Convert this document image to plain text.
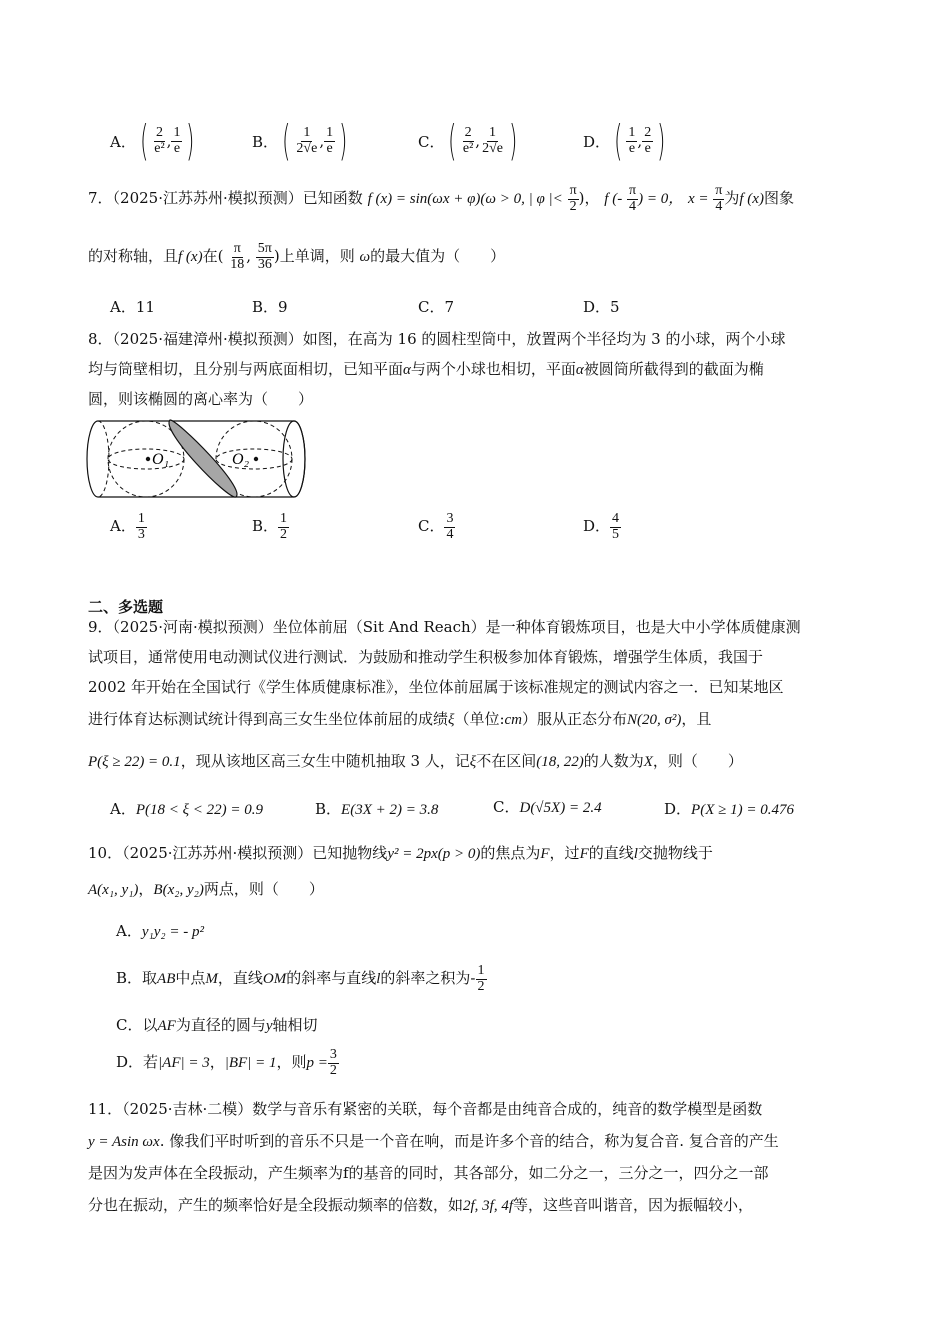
A． ( $\frac{2}{\text{e²}}$ , $\frac{1}{e}$ )	B． ( $\frac{1}{2√e}$ , $\frac{1}{e}$ )	C． ( $\frac{2}{\text{e²}}$ , $\frac{1}{2√e}$ )	D． ( $\frac{1}{e}$ , $\frac{2}{e}$ )
7．（2025·江苏苏州·模拟预测）已知函数 f (x) = sin(ωx + φ)(ω > 0, | φ |< $\frac{\pi}{2}$ )， f (- $\frac{\pi}{4}$ ) = 0， $x = \frac{\pi}{4}$ 为f (x)图象
的对称轴，且f (x)在( $\frac{\pi}{18}$ , $\frac{5\pi}{36}$ )上单调，则 ω的最大值为（　　）
A．11	B．9	C．7	D．5
8．（2025·福建漳州·模拟预测）如图，在高为 16 的圆柱型筒中，放置两个半径均为 3 的小球，两个小球
均与筒壁相切，且分别与两底面相切，已知平面α与两个小球也相切，平面α被圆筒所截得到的截面为椭
圆，则该椭圆的离心率为（　　）
O₁	O₂
A． $\frac{1}{3}$	B． $\frac{1}{2}$	C． $\frac{3}{4}$	D． $\frac{4}{5}$
二、多选题
9．（2025·河南·模拟预测）坐位体前屈（Sit And Reach）是一种体育锻炼项目，也是大中小学体质健康测
试项目，通常使用电动测试仪进行测试．为鼓励和推动学生积极参加体育锻炼，增强学生体质，我国于
2002 年开始在全国试行《学生体质健康标准》，坐位体前屈属于该标准规定的测试内容之一．已知某地区
进行体育达标测试统计得到高三女生坐位体前屈的成绩ξ（单位:cm）服从正态分布N(20, σ²)，且
P(ξ ≥ 22) = 0.1，现从该地区高三女生中随机抽取 3 人，记ξ不在区间(18, 22)的人数为X，则（　　）
A．P(18 < ξ < 22) = 0.9	B．E(3X + 2) = 3.8	C．D(√5X) = 2.4	D．P(X ≥ 1) = 0.476
10．（2025·江苏苏州·模拟预测）已知抛物线y² = 2px(p > 0)的焦点为F，过F的直线l交抛物线于
A(x₁, y₁)，B(x₂, y₂)两点，则（　　）
A．y₁y₂ = - p²
B．取AB中点M，直线OM的斜率与直线l的斜率之积为- $\frac{1}{2}$
C．以AF为直径的圆与y轴相切
D．若|AF| = 3，|BF| = 1，则$p = \frac{3}{2}$
11．（2025·吉林·二模）数学与音乐有紧密的关联，每个音都是由纯音合成的，纯音的数学模型是函数
y = Asin ωx. 像我们平时听到的音乐不只是一个音在响，而是许多个音的结合，称为复合音. 复合音的产生
是因为发声体在全段振动，产生频率为f的基音的同时，其各部分，如二分之一，三分之一，四分之一部
分也在振动，产生的频率恰好是全段振动频率的倍数，如2f, 3f, 4f等，这些音叫谐音，因为振幅较小，
